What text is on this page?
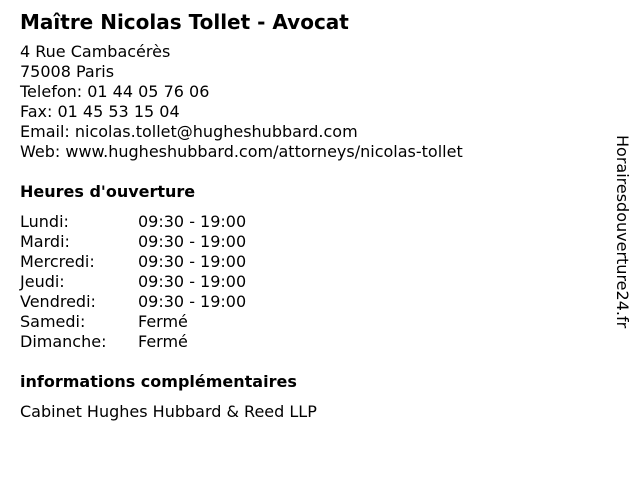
Maître Nicolas Tollet - Avocat
4 Rue Cambacérès
75008 Paris
Telefon: 01 44 05 76 06
Fax: 01 45 53 15 04
Email: nicolas.tollet@hugheshubbard.com
Web: www.hugheshubbard.com/attorneys/nicolas-tollet
Heures d'ouverture
Lundi:	09:30 - 19:00
Mardi:	09:30 - 19:00
Mercredi:	09:30 - 19:00
Jeudi:	09:30 - 19:00
Vendredi:	09:30 - 19:00
Samedi:	Fermé
Dimanche:	Fermé
informations complémentaires
Cabinet Hughes Hubbard & Reed LLP
Horairesdouverture24.fr
